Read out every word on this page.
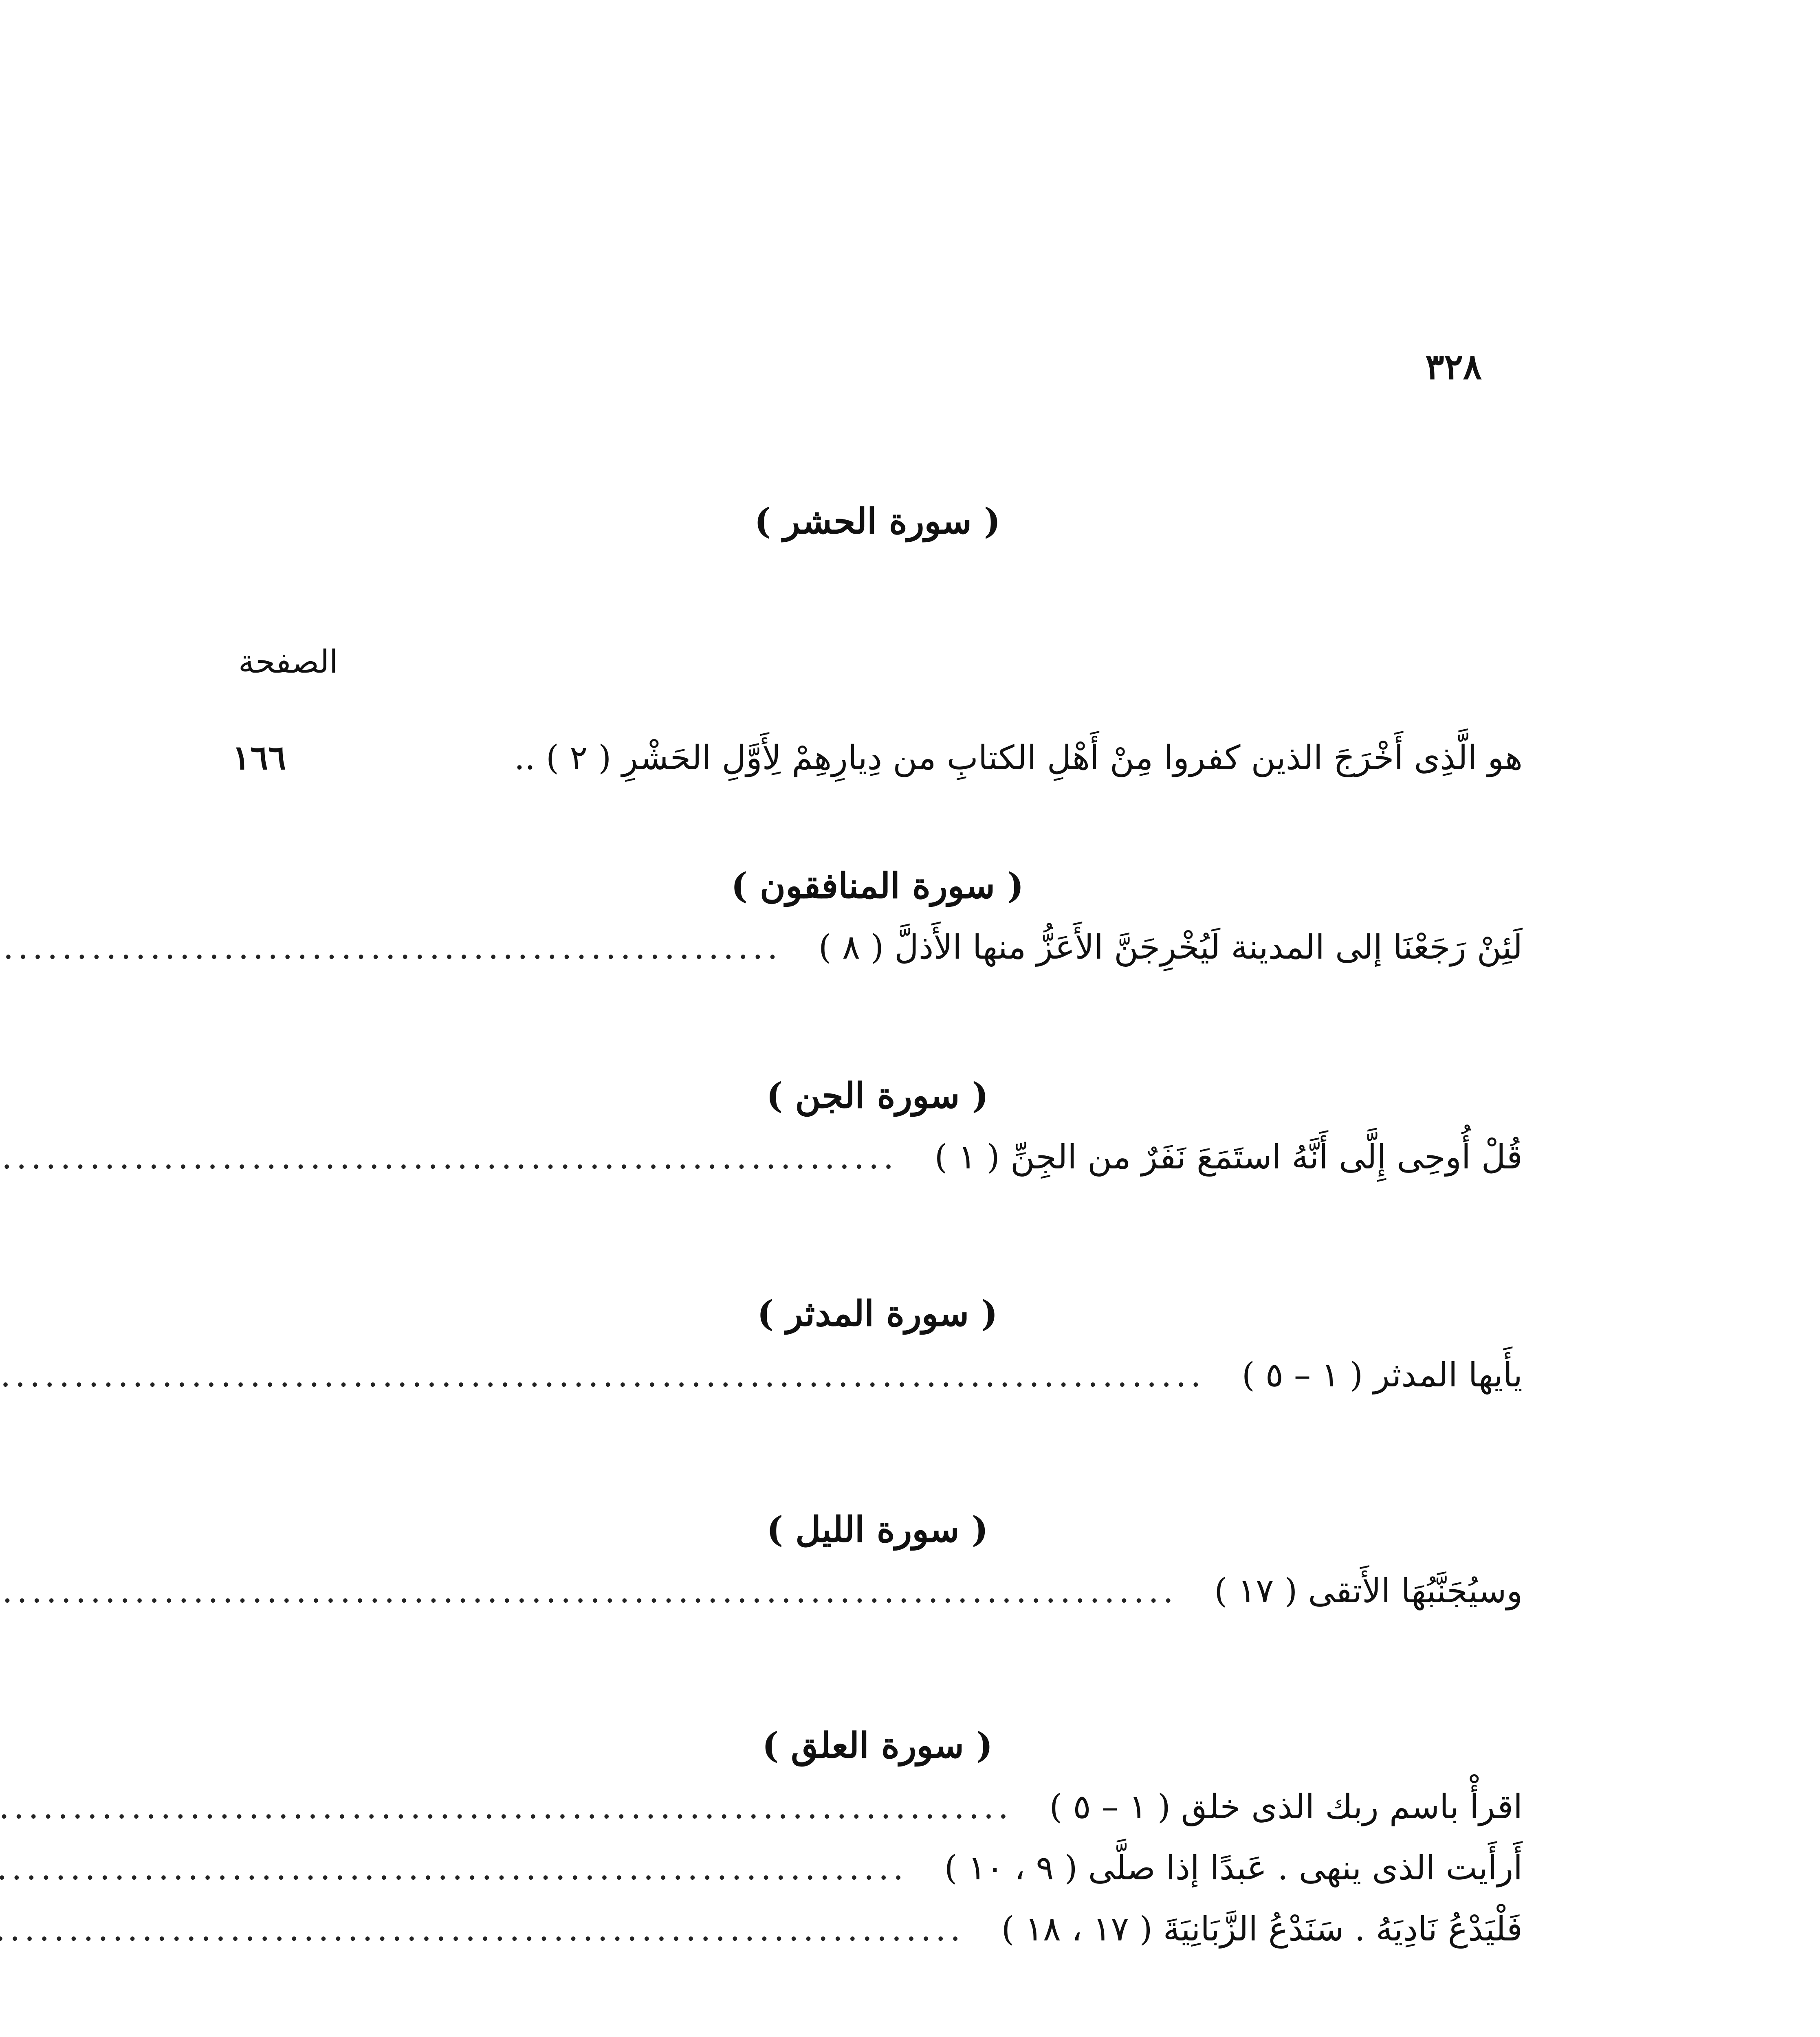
٣٢٨
الصفحة
( سورة الحشر )
هو الَّذِى أَخْرَجَ الذين كفروا مِنْ أَهْلِ الكتابِ من دِيارِهِمْ لِأَوَّلِ الحَشْرِ ( ٢ ) ..
١٦٦
( سورة المنافقون )
لَئِنْ رَجَعْنَا إلى المدينة لَيُخْرِجَنَّ الأَعَزُّ منها الأَذلَّ ( ٨ )
.....
( سورة الجن )
قُلْ أُوحِى إِلَّى أَنَّهُ استَمَعَ نَفَرٌ من الجِنِّ ( ١ )
.....
( سورة المدثر )
يأَيها المدثر ( ١ – ٥ )
.....
( سورة الليل )
وسيُجَنَّبُهَا الأَتقى ( ١٧ )
.....
( سورة العلق )
اقرأْ باسم ربك الذى خلق ( ١ – ٥ )
.....
أَرأَيت الذى ينهى . عَبدًا إذا صلَّى ( ٩ ، ١٠ )
.....
فَلْيَدْعُ نَادِيَهُ . سَنَدْعُ الزَّبَانِيَةَ ( ١٧ ، ١٨ )
.....
